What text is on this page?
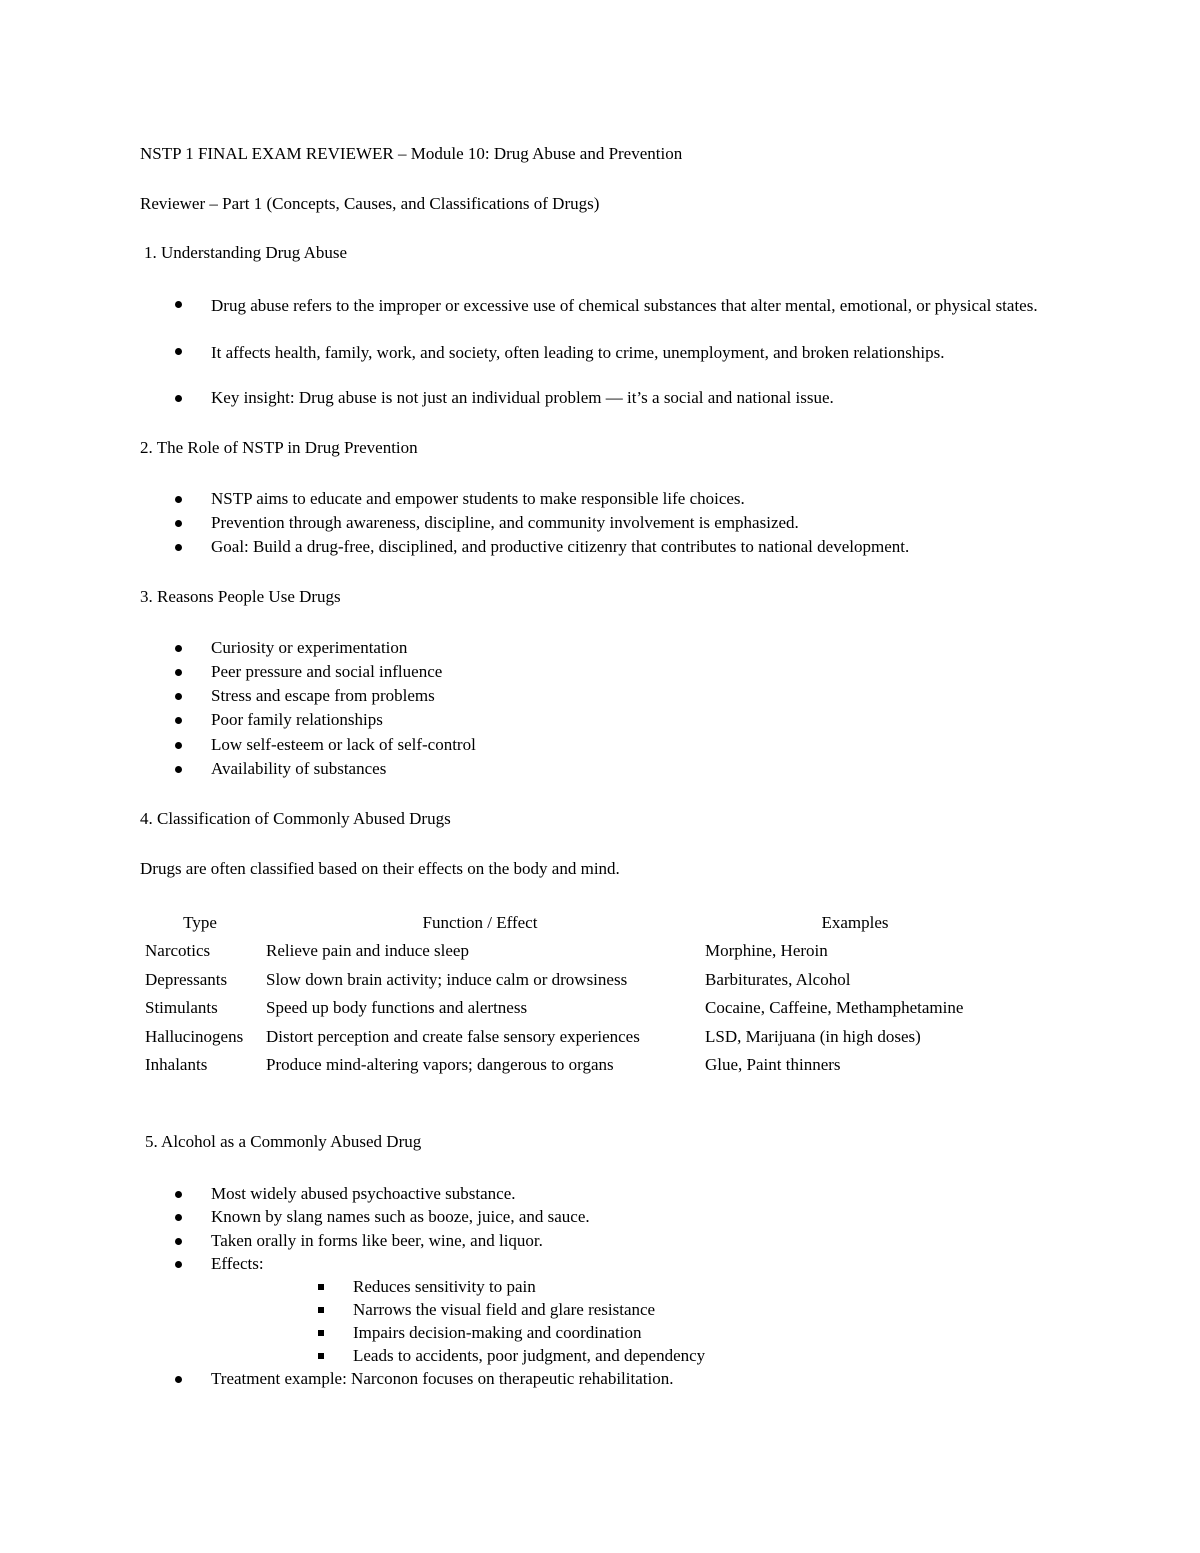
NSTP 1 FINAL EXAM REVIEWER – Module 10: Drug Abuse and Prevention
Reviewer – Part 1 (Concepts, Causes, and Classifications of Drugs)
1. Understanding Drug Abuse
Drug abuse refers to the improper or excessive use of chemical substances that alter mental, emotional, or physical states.
It affects health, family, work, and society, often leading to crime, unemployment, and broken relationships.
Key insight: Drug abuse is not just an individual problem — it’s a social and national issue.
2. The Role of NSTP in Drug Prevention
NSTP aims to educate and empower students to make responsible life choices.
Prevention through awareness, discipline, and community involvement is emphasized.
Goal: Build a drug-free, disciplined, and productive citizenry that contributes to national development.
3. Reasons People Use Drugs
Curiosity or experimentation
Peer pressure and social influence
Stress and escape from problems
Poor family relationships
Low self-esteem or lack of self-control
Availability of substances
4. Classification of Commonly Abused Drugs
Drugs are often classified based on their effects on the body and mind.
Type	Function / Effect	Examples
Narcotics	Relieve pain and induce sleep	Morphine, Heroin
Depressants	Slow down brain activity; induce calm or drowsiness	Barbiturates, Alcohol
Stimulants	Speed up body functions and alertness	Cocaine, Caffeine, Methamphetamine
Hallucinogens	Distort perception and create false sensory experiences	LSD, Marijuana (in high doses)
Inhalants	Produce mind-altering vapors; dangerous to organs	Glue, Paint thinners
5. Alcohol as a Commonly Abused Drug
Most widely abused psychoactive substance.
Known by slang names such as booze, juice, and sauce.
Taken orally in forms like beer, wine, and liquor.
Effects:
Reduces sensitivity to pain
Narrows the visual field and glare resistance
Impairs decision-making and coordination
Leads to accidents, poor judgment, and dependency
Treatment example: Narconon focuses on therapeutic rehabilitation.
